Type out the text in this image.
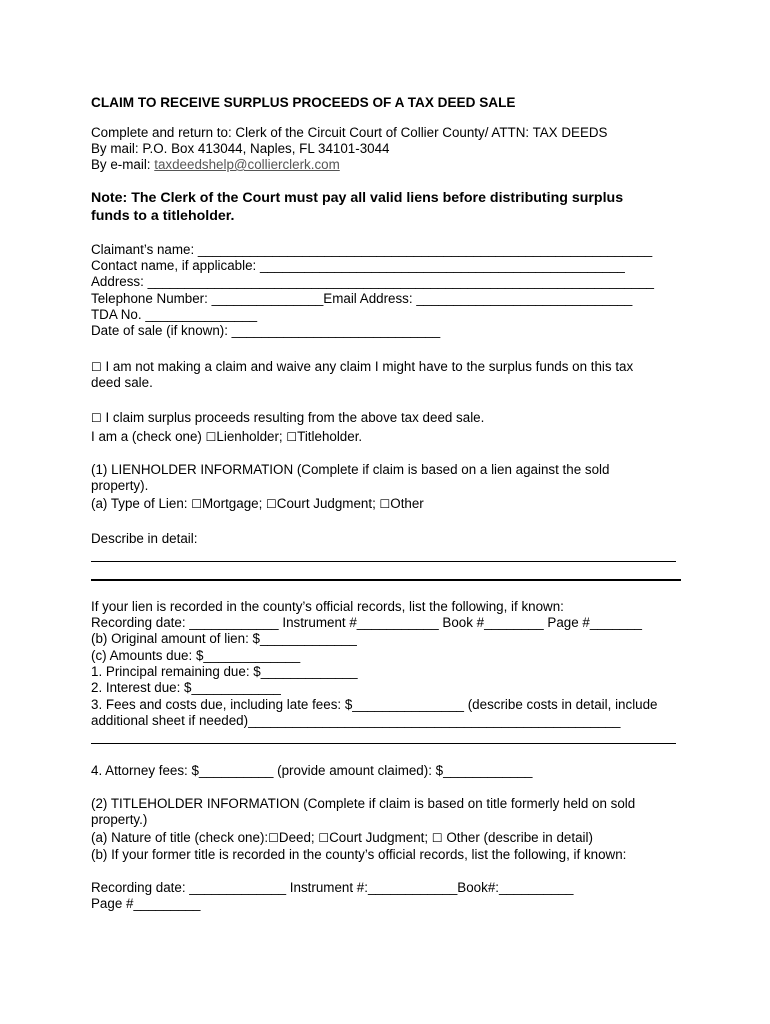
CLAIM TO RECEIVE SURPLUS PROCEEDS OF A TAX DEED SALE
Complete and return to: Clerk of the Circuit Court of Collier County/ ATTN: TAX DEEDS
By mail: P.O. Box 413044, Naples, FL 34101-3044
By e-mail: taxdeedshelp@collierclerk.com
Note: The Clerk of the Court must pay all valid liens before distributing surplus
funds to a titleholder.
Claimant’s name: _____________________________________________________________
Contact name, if applicable: _________________________________________________
Address: ____________________________________________________________________
Telephone Number: _______________Email Address: _____________________________
TDA No. _______________
Date of sale (if known): ____________________________
☐ I am not making a claim and waive any claim I might have to the surplus funds on this tax
deed sale.
☐ I claim surplus proceeds resulting from the above tax deed sale.
I am a (check one) ☐Lienholder; ☐Titleholder.
(1) LIENHOLDER INFORMATION (Complete if claim is based on a lien against the sold
property).
(a) Type of Lien: ☐Mortgage; ☐Court Judgment; ☐Other
Describe in detail:
If your lien is recorded in the county’s official records, list the following, if known:
Recording date: ____________ Instrument #___________ Book #________ Page #_______
(b) Original amount of lien: $_____________
(c) Amounts due: $_____________
1. Principal remaining due: $_____________
2. Interest due: $____________
3. Fees and costs due, including late fees: $_______________ (describe costs in detail, include
additional sheet if needed)__________________________________________________
4. Attorney fees: $__________ (provide amount claimed): $____________
(2) TITLEHOLDER INFORMATION (Complete if claim is based on title formerly held on sold
property.)
(a) Nature of title (check one):☐Deed; ☐Court Judgment; ☐ Other (describe in detail)
(b) If your former title is recorded in the county’s official records, list the following, if known:
Recording date: _____________ Instrument #:____________Book#:__________
Page #_________
